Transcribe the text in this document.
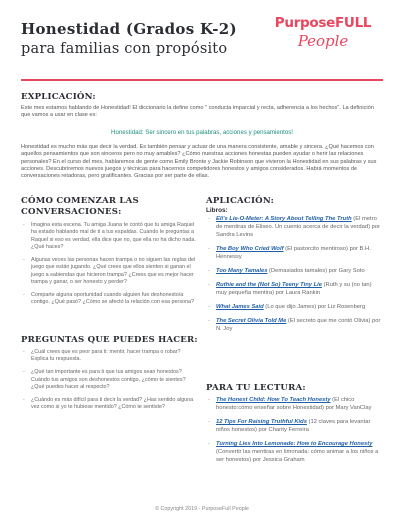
Honestidad (Grados K-2)
para familias con propósito
PurposeFULL
People
EXPLICACIÓN:
Este mes estamos hablando de Honestidad! El diccionario la define como " conducta imparcial y recta, adherencia a los hechos". La definición que vamos a usar en clase es:
Honestidad: Ser sincero en tus palabras, acciones y pensamientos!
Honestidad es mucho más que decir la verdad. Es también pensar y actuar de una manera consistente, amable y sincera. ¿Qué hacemos con aquellos pensamientos que son sinceros pero no muy amables? ¿Cómo nuestras acciones honestas pueden ayudar o herir las relaciones personales? En el curso del mes, hablaremos de gente como Emily Bronte y Jackie Robinson que vivieron la Honestidad en sus palabras y sus acciones. Descubriremos nuevos juegos y técnicas para hacernos competidores honestos y amigos considerados. Habrá momentos de conversaciones retadoras, pero gratificantes. Gracias por ser parte de ellas.
CÓMO COMENZAR LAS
CONVERSACIONES:
- Imagina esta escena. Tu amiga Juana te contó que tu amiga Raquel ha estado hablando mal de ti a tus espaldas. Cuando le preguntas a Raquel si eso es verdad, ella dice que no, que ella no ha dicho nada. ¿Qué haces?
- Algunas veces las personas hacen trampa o no siguen las reglas del juego que están jugando. ¿Qué crees que ellos sienten si ganan el juego a sabiendas que hicieron trampa? ¿Crees que es mejor hacer trampa y ganar, o ser honesto y perder?
- Comparte alguna oportunidad cuando alguien fue deshonesto/a contigo. ¿Qué pasó? ¿Cómo se afectó la relación con esa persona?
PREGUNTAS QUE PUEDES HACER:
- ¿Cuál crees que es peor para ti: mentir, hacer trampa o robar? Explica tu respuesta.
- ¿Qué tan importante es para ti que tus amigos sean honestos? Cuándo tus amigos son deshonestos contigo, ¿cómo te sientes? ¿Qué puedes hacer al respecto?
- ¿Cuándo es más difícil para ti decir la verdad? ¿Has sentido alguna vez como si yo te hubiese mentido? ¿Cómo te sentiste?
APLICACIÓN:
Libros:
- Eli's Lie-O-Meter: A Story About Telling The Truth (El metro de mentiras de Eliseo. Un cuento acerca de decir la verdad) por Sandra Levins
- The Boy Who Cried Wolf (El pastorcito mentiroso) por B.H. Hennessy
- Too Many Tamales (Demasiados tamales) por Gary Soto
- Ruthie and the (Not So) Teeny Tiny Lie (Ruth y su (no tan) muy pequeña mentira) por Laura Rankin
- What James Said (Lo que dijo James) por Liz Rosenberg
- The Secret Olivia Told Me (El secreto que me contó Olivia) por N. Joy
PARA TU LECTURA:
- The Honest Child: How To Teach Honesty (El chico honesto:cómo enseñar sobre Honestidad) por Mary VanClay
- 12 Tips For Raising Truthful Kids (12 claves para levantar niños honestos) por Charity Ferreira
- Turning Lies Into Lemonade: How to Encourage Honesty (Convertir las mentiras en limonada: cómo animar a los niños a ser honestos) por Jessica Graham
© Copyright 2019 - PurposeFull People
